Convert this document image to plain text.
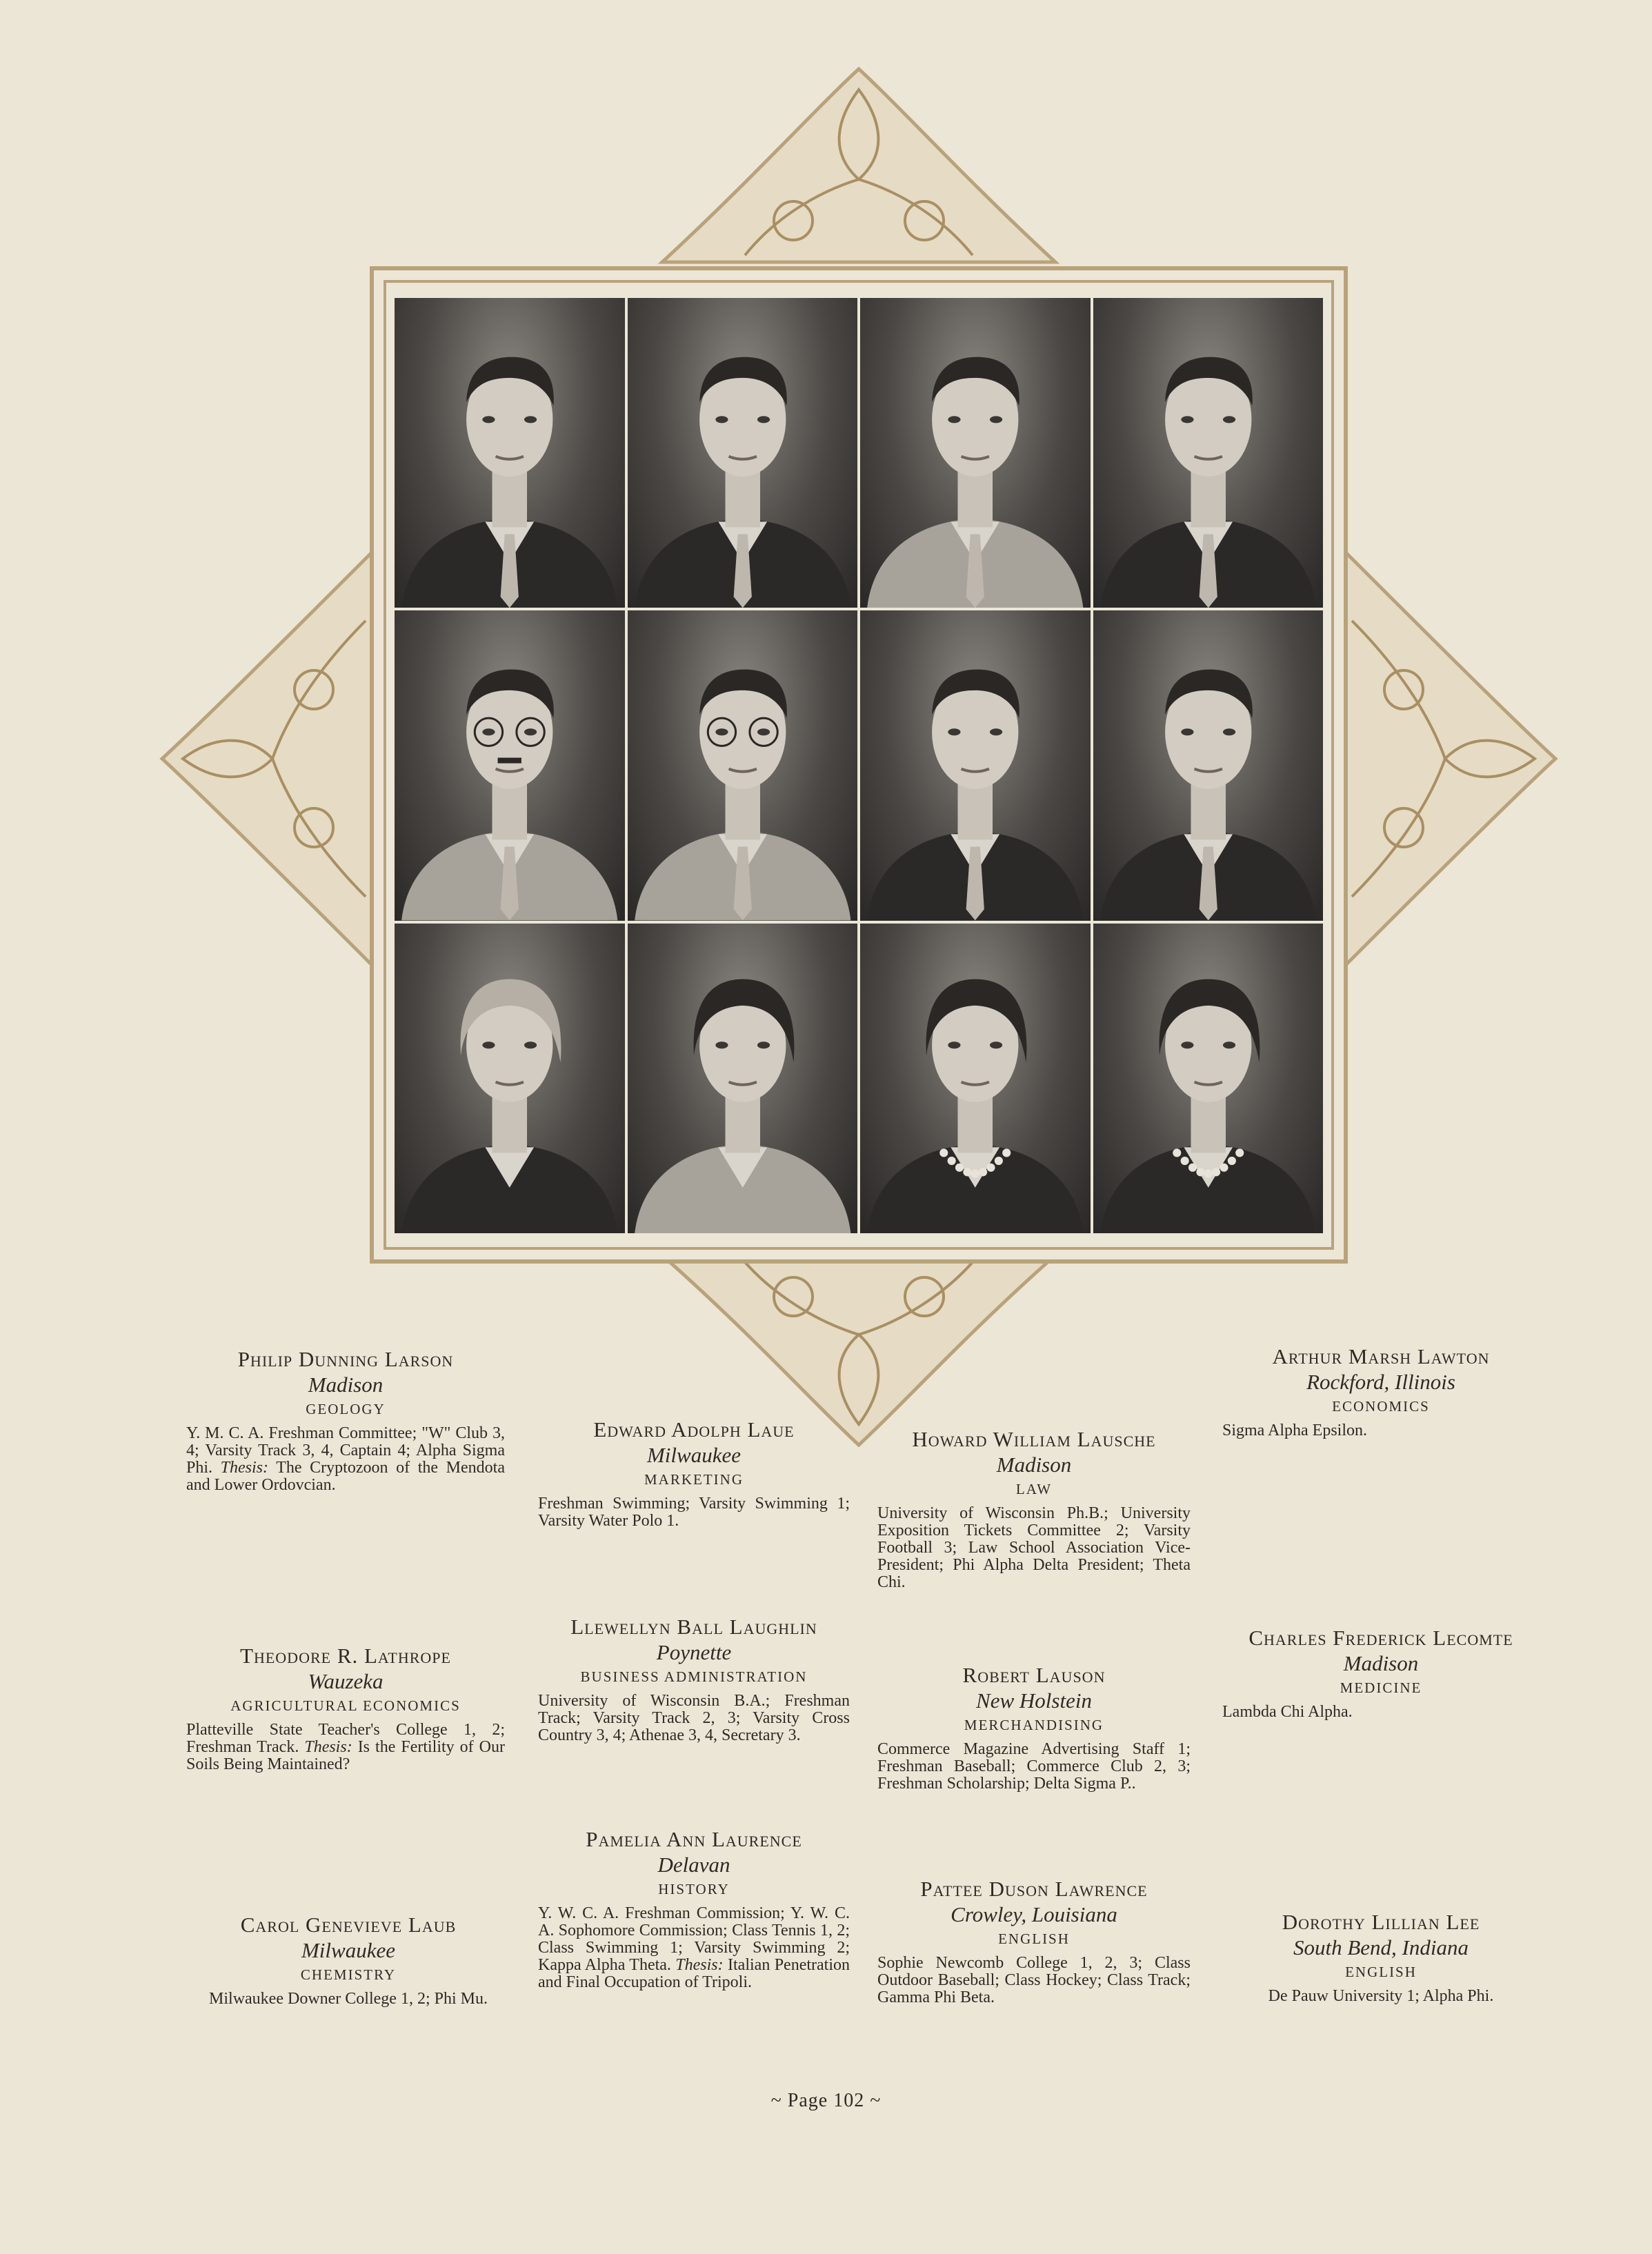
Philip Dunning Larson
Madison
GEOLOGY
Y. M. C. A. Freshman Committee; "W" Club 3, 4; Varsity Track 3, 4, Captain 4; Alpha Sigma Phi. Thesis: The Cryptozoon of the Mendota and Lower Ordovcian.
Edward Adolph Laue
Milwaukee
MARKETING
Freshman Swimming; Varsity Swimming 1; Varsity Water Polo 1.
Howard William Lausche
Madison
LAW
University of Wisconsin Ph.B.; University Exposition Tickets Committee 2; Varsity Football 3; Law School Association Vice-President; Phi Alpha Delta President; Theta Chi.
Arthur Marsh Lawton
Rockford, Illinois
ECONOMICS
Sigma Alpha Epsilon.
Theodore R. Lathrope
Wauzeka
AGRICULTURAL ECONOMICS
Platteville State Teacher's College 1, 2; Freshman Track. Thesis: Is the Fertility of Our Soils Being Maintained?
Llewellyn Ball Laughlin
Poynette
BUSINESS ADMINISTRATION
University of Wisconsin B.A.; Freshman Track; Varsity Track 2, 3; Varsity Cross Country 3, 4; Athenae 3, 4, Secretary 3.
Robert Lauson
New Holstein
MERCHANDISING
Commerce Magazine Advertising Staff 1; Freshman Baseball; Commerce Club 2, 3; Freshman Scholarship; Delta Sigma P..
Charles Frederick Lecomte
Madison
MEDICINE
Lambda Chi Alpha.
Pamelia Ann Laurence
Delavan
HISTORY
Y. W. C. A. Freshman Commission; Y. W. C. A. Sophomore Commission; Class Tennis 1, 2; Class Swimming 1; Varsity Swimming 2; Kappa Alpha Theta. Thesis: Italian Penetration and Final Occupation of Tripoli.
Carol Genevieve Laub
Milwaukee
CHEMISTRY
Milwaukee Downer College 1, 2; Phi Mu.
Pattee Duson Lawrence
Crowley, Louisiana
ENGLISH
Sophie Newcomb College 1, 2, 3; Class Outdoor Baseball; Class Hockey; Class Track; Gamma Phi Beta.
Dorothy Lillian Lee
South Bend, Indiana
ENGLISH
De Pauw University 1; Alpha Phi.
~ Page 102 ~
